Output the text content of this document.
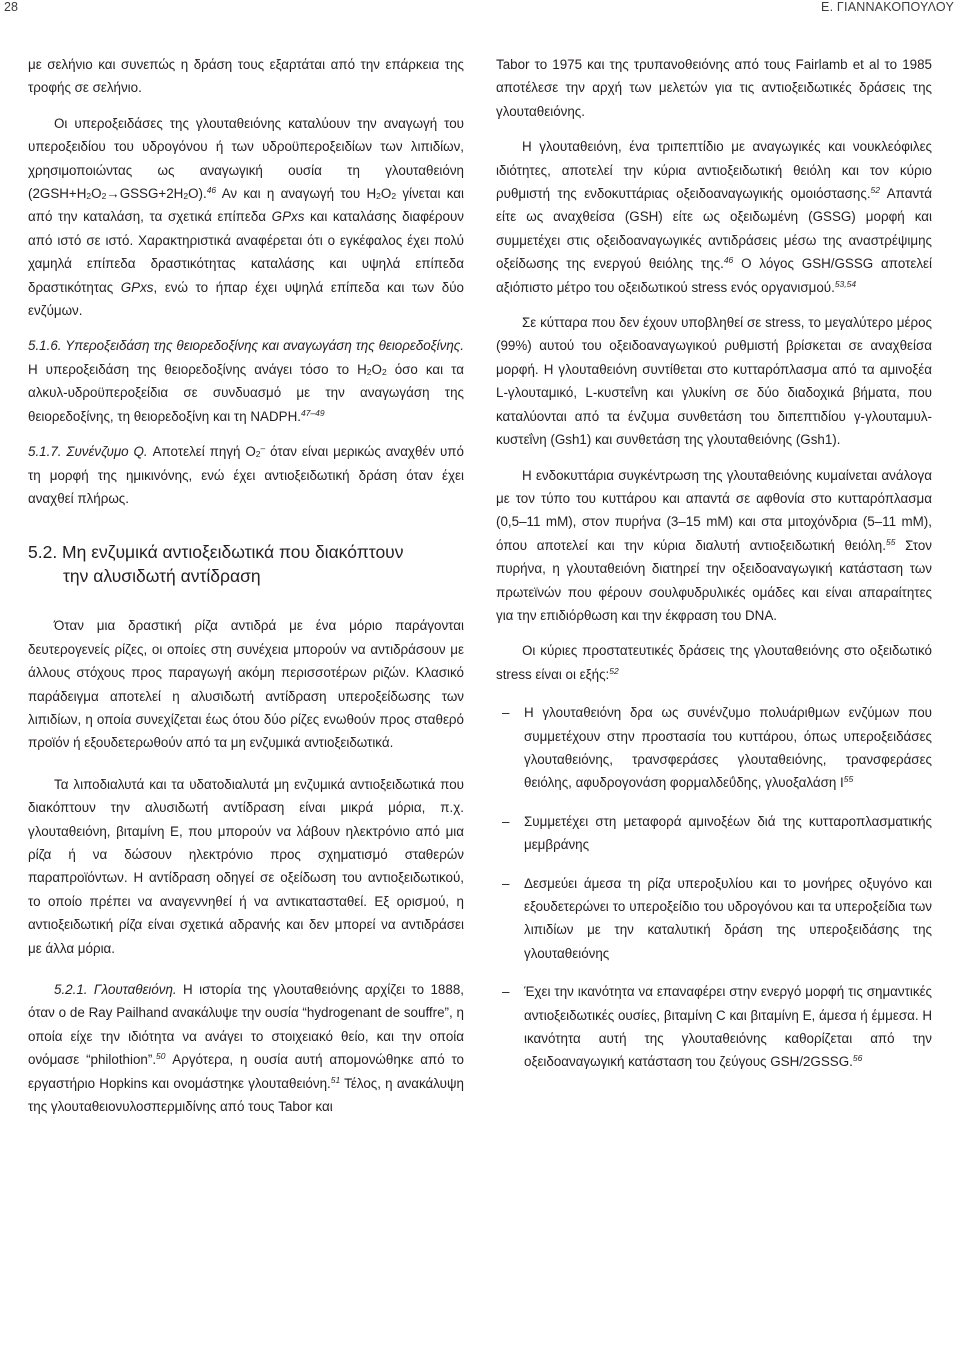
28	Ε. ΓΙΑΝΝΑΚΟΠΟΥΛΟΥ

με σελήνιο και συνεπώς η δράση τους εξαρτάται από την επάρκεια της τροφής σε σελήνιο.

Οι υπεροξειδάσες της γλουταθειόνης καταλύουν την αναγωγή του υπεροξειδίου του υδρογόνου ή των υδροϋπεροξειδίων των λιπιδίων, χρησιμοποιώντας ως αναγωγική ουσία τη γλουταθειόνη $(2GSH+H_2O_2\to GSSG+2H_2O).^{46}$ Αν και η αναγωγή του $H_2O_2$ γίνεται και από την καταλάση, τα σχετικά επίπεδα GPxs και καταλάσης διαφέρουν από ιστό σε ιστό. Χαρακτηριστικά αναφέρεται ότι ο εγκέφαλος έχει πολύ χαμηλά επίπεδα δραστικότητας καταλάσης και υψηλά επίπεδα δραστικότητας GPxs, ενώ το ήπαρ έχει υψηλά επίπεδα και των δύο ενζύμων.

5.1.6. Υπεροξειδάση της θειορεδοξίνης και αναγωγάση της θειορεδοξίνης. Η υπεροξειδάση της θειορεδοξίνης ανάγει τόσο το $H_2O_2$ όσο και τα αλκυλ-υδροϋπεροξείδια σε συνδυασμό με την αναγωγάση της θειορεδοξίνης, τη θειορεδοξίνη και τη NADPH.$^{47-49}$

5.1.7. Συνένζυμο Q. Αποτελεί πηγή $O_2^-$ όταν είναι μερικώς αναχθέν υπό τη μορφή της ημικινόνης, ενώ έχει αντιοξειδωτική δράση όταν έχει αναχθεί πλήρως.

5.2. Μη ενζυμικά αντιοξειδωτικά που διακόπτουν
την αλυσιδωτή αντίδραση

Όταν μια δραστική ρίζα αντιδρά με ένα μόριο παράγονται δευτερογενείς ρίζες, οι οποίες στη συνέχεια μπορούν να αντιδράσουν με άλλους στόχους προς παραγωγή ακόμη περισσοτέρων ριζών. Κλασικό παράδειγμα αποτελεί η αλυσιδωτή αντίδραση υπεροξείδωσης των λιπιδίων, η οποία συνεχίζεται έως ότου δύο ρίζες ενωθούν προς σταθερό προϊόν ή εξουδετερωθούν από τα μη ενζυμικά αντιοξειδωτικά.

Τα λιποδιαλυτά και τα υδατοδιαλυτά μη ενζυμικά αντιοξειδωτικά που διακόπτουν την αλυσιδωτή αντίδραση είναι μικρά μόρια, π.χ. γλουταθειόνη, βιταμίνη Ε, που μπορούν να λάβουν ηλεκτρόνιο από μια ρίζα ή να δώσουν ηλεκτρόνιο προς σχηματισμό σταθερών παραπροϊόντων. Η αντίδραση οδηγεί σε οξείδωση του αντιοξειδωτικού, το οποίο πρέπει να αναγεννηθεί ή να αντικατασταθεί. Εξ ορισμού, η αντιοξειδωτική ρίζα είναι σχετικά αδρανής και δεν μπορεί να αντιδράσει με άλλα μόρια.

5.2.1. Γλουταθειόνη. Η ιστορία της γλουταθειόνης αρχίζει το 1888, όταν ο de Ray Pailhand ανακάλυψε την ουσία “hydrogenant de souffre”, η οποία είχε την ιδιότητα να ανάγει το στοιχειακό θείο, και την οποία ονόμασε “philothion”.$^{50}$ Αργότερα, η ουσία αυτή απομονώθηκε από το εργαστήριο Hopkins και ονομάστηκε γλουταθειόνη.$^{51}$ Τέλος, η ανακάλυψη της γλουταθειονυλοσπερμιδίνης από τους Tabor και

Tabor το 1975 και της τρυπανοθειόνης από τους Fairlamb et al το 1985 αποτέλεσε την αρχή των μελετών για τις αντιοξειδωτικές δράσεις της γλουταθειόνης.

Η γλουταθειόνη, ένα τριπεπτίδιο με αναγωγικές και νουκλεόφιλες ιδιότητες, αποτελεί την κύρια αντιοξειδωτική θειόλη και τον κύριο ρυθμιστή της ενδοκυττάριας οξειδοαναγωγικής ομοιόστασης.$^{52}$ Απαντά είτε ως αναχθείσα (GSH) είτε ως οξειδωμένη (GSSG) μορφή και συμμετέχει στις οξειδοαναγωγικές αντιδράσεις μέσω της αναστρέψιμης οξείδωσης της ενεργού θειόλης της.$^{46}$ Ο λόγος GSH/GSSG αποτελεί αξιόπιστο μέτρο του οξειδωτικού stress ενός οργανισμού.$^{53,54}$

Σε κύτταρα που δεν έχουν υποβληθεί σε stress, το μεγαλύτερο μέρος (99%) αυτού του οξειδοαναγωγικού ρυθμιστή βρίσκεται σε αναχθείσα μορφή. Η γλουταθειόνη συντίθεται στο κυτταρόπλασμα από τα αμινοξέα L-γλουταμικό, L-κυστεΐνη και γλυκίνη σε δύο διαδοχικά βήματα, που καταλύονται από τα ένζυμα συνθετάση του διπεπτιδίου γ-γλουταμυλ-κυστεΐνη (Gsh1) και συνθετάση της γλουταθειόνης (Gsh1).

Η ενδοκυττάρια συγκέντρωση της γλουταθειόνης κυμαίνεται ανάλογα με τον τύπο του κυττάρου και απαντά σε αφθονία στο κυτταρόπλασμα (0,5–11 mM), στον πυρήνα (3–15 mM) και στα μιτοχόνδρια (5–11 mM), όπου αποτελεί και την κύρια διαλυτή αντιοξειδωτική θειόλη.$^{55}$ Στον πυρήνα, η γλουταθειόνη διατηρεί την οξειδοαναγωγική κατάσταση των πρωτεϊνών που φέρουν σουλφυδρυλικές ομάδες και είναι απαραίτητες για την επιδιόρθωση και την έκφραση του DNA.

Οι κύριες προστατευτικές δράσεις της γλουταθειόνης στο οξειδωτικό stress είναι οι εξής:$^{52}$

– Η γλουταθειόνη δρα ως συνένζυμο πολυάριθμων ενζύμων που συμμετέχουν στην προστασία του κυττάρου, όπως υπεροξειδάσες γλουταθειόνης, τρανσφεράσες γλουταθειόνης, τρανσφεράσες θειόλης, αφυδρογονάση φορμαλδεΰδης, γλυοξαλάση $I^{55}$
– Συμμετέχει στη μεταφορά αμινοξέων διά της κυτταροπλασματικής μεμβράνης
– Δεσμεύει άμεσα τη ρίζα υπεροξυλίου και το μονήρες οξυγόνο και εξουδετερώνει το υπεροξείδιο του υδρογόνου και τα υπεροξείδια των λιπιδίων με την καταλυτική δράση της υπεροξειδάσης της γλουταθειόνης
– Έχει την ικανότητα να επαναφέρει στην ενεργό μορφή τις σημαντικές αντιοξειδωτικές ουσίες, βιταμίνη C και βιταμίνη Ε, άμεσα ή έμμεσα. Η ικανότητα αυτή της γλουταθειόνης καθορίζεται από την οξειδοαναγωγική κατάσταση του ζεύγους GSH/2GSSG.$^{56}$
